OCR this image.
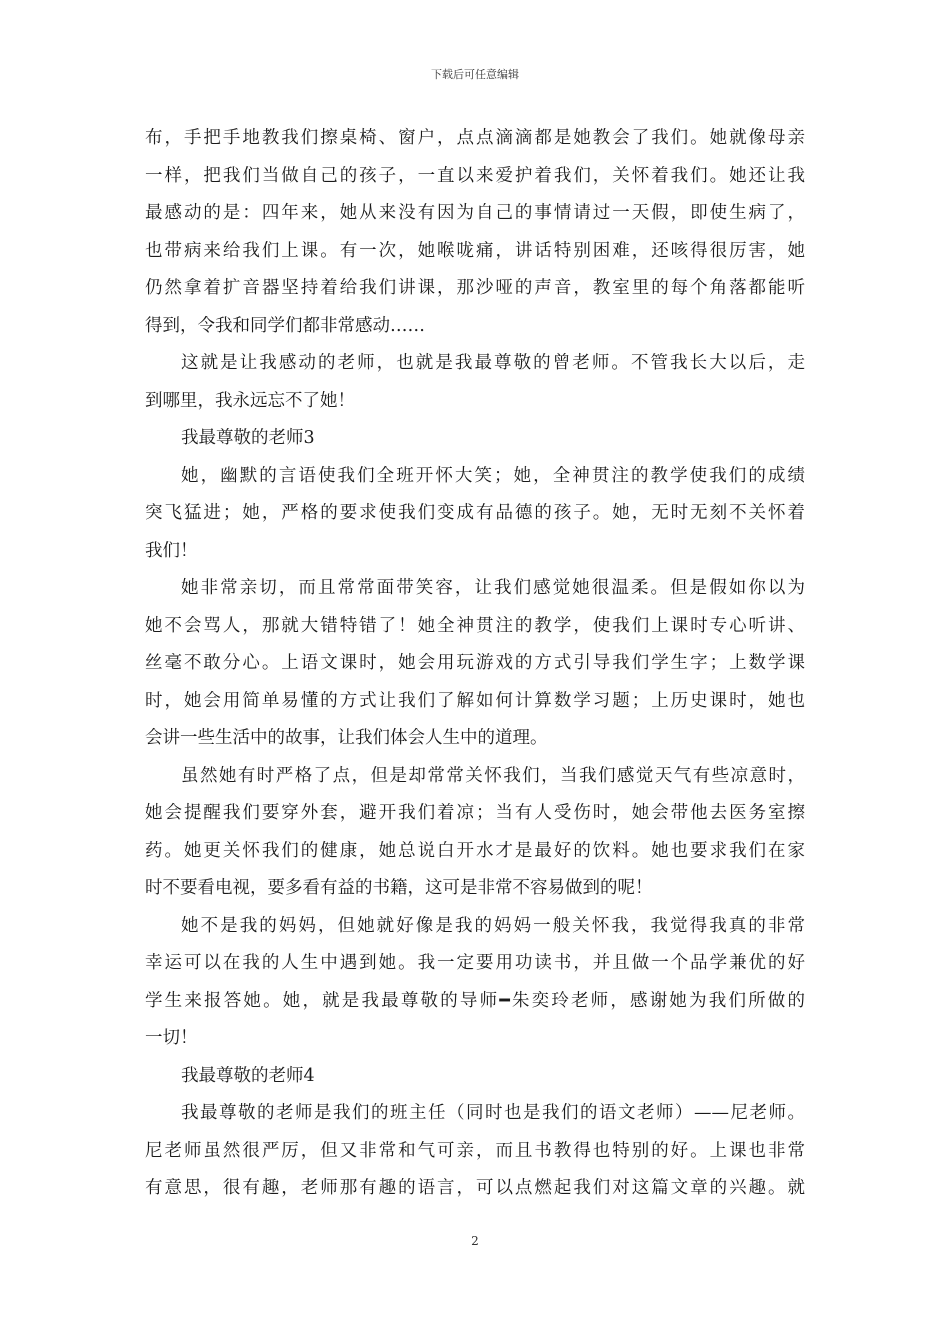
下载后可任意编辑
布，手把手地教我们擦桌椅、窗户，点点滴滴都是她教会了我们。她就像母亲
一样，把我们当做自己的孩子，一直以来爱护着我们，关怀着我们。她还让我
最感动的是：四年来，她从来没有因为自己的事情请过一天假，即使生病了，
也带病来给我们上课。有一次，她喉咙痛，讲话特别困难，还咳得很厉害，她
仍然拿着扩音器坚持着给我们讲课，那沙哑的声音，教室里的每个角落都能听
得到，令我和同学们都非常感动……
这就是让我感动的老师，也就是我最尊敬的曾老师。不管我长大以后，走
到哪里，我永远忘不了她！
我最尊敬的老师3
她，幽默的言语使我们全班开怀大笑；她，全神贯注的教学使我们的成绩
突飞猛进；她，严格的要求使我们变成有品德的孩子。她，无时无刻不关怀着
我们！
她非常亲切，而且常常面带笑容，让我们感觉她很温柔。但是假如你以为
她不会骂人，那就大错特错了！她全神贯注的教学，使我们上课时专心听讲、
丝毫不敢分心。上语文课时，她会用玩游戏的方式引导我们学生字；上数学课
时，她会用简单易懂的方式让我们了解如何计算数学习题；上历史课时，她也
会讲一些生活中的故事，让我们体会人生中的道理。
虽然她有时严格了点，但是却常常关怀我们，当我们感觉天气有些凉意时，
她会提醒我们要穿外套，避开我们着凉；当有人受伤时，她会带他去医务室擦
药。她更关怀我们的健康，她总说白开水才是最好的饮料。她也要求我们在家
时不要看电视，要多看有益的书籍，这可是非常不容易做到的呢！
她不是我的妈妈，但她就好像是我的妈妈一般关怀我，我觉得我真的非常
幸运可以在我的人生中遇到她。我一定要用功读书，并且做一个品学兼优的好
学生来报答她。她，就是我最尊敬的导师━朱奕玲老师，感谢她为我们所做的
一切！
我最尊敬的老师4
我最尊敬的老师是我们的班主任（同时也是我们的语文老师）——尼老师。
尼老师虽然很严厉，但又非常和气可亲，而且书教得也特别的好。上课也非常
有意思，很有趣，老师那有趣的语言，可以点燃起我们对这篇文章的兴趣。就
2
